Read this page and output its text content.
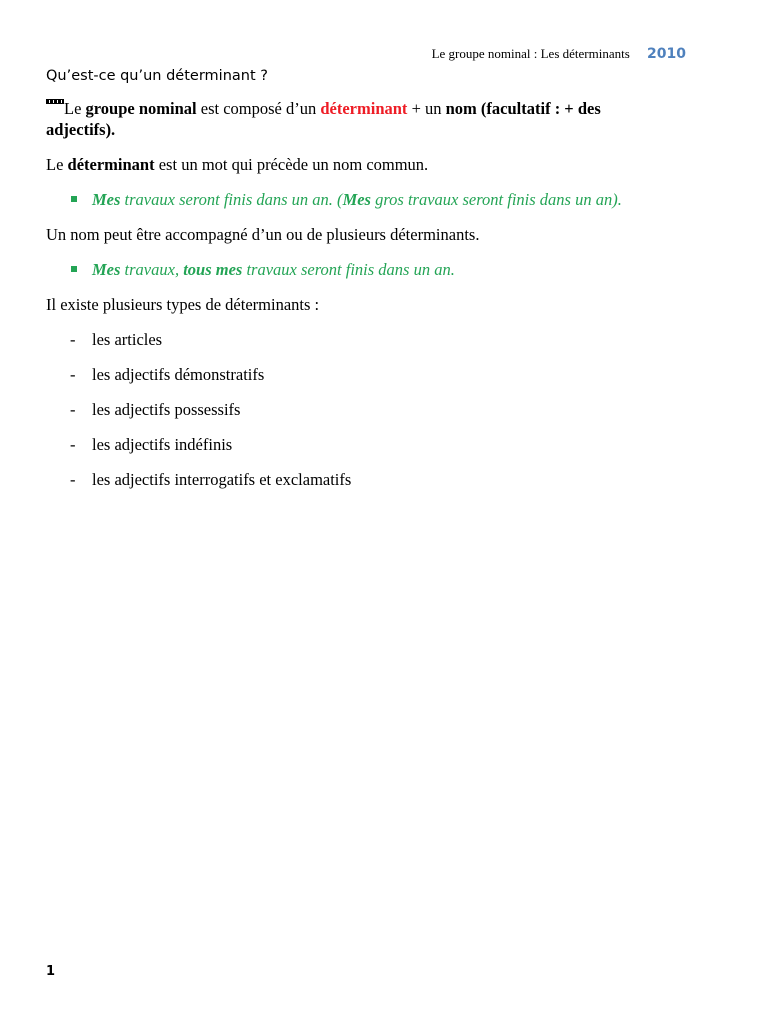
Le groupe nominal : Les déterminants 2010
Qu’est-ce qu’un déterminant ?
Le groupe nominal est composé d’un déterminant + un nom (facultatif : + des adjectifs).
Le déterminant est un mot qui précède un nom commun.
Mes travaux seront finis dans un an. (Mes gros travaux seront finis dans un an).
Un nom peut être accompagné d’un ou de plusieurs déterminants.
Mes travaux, tous mes travaux seront finis dans un an.
Il existe plusieurs types de déterminants :
- les articles
- les adjectifs démonstratifs
- les adjectifs possessifs
- les adjectifs indéfinis
- les adjectifs interrogatifs et exclamatifs
1
